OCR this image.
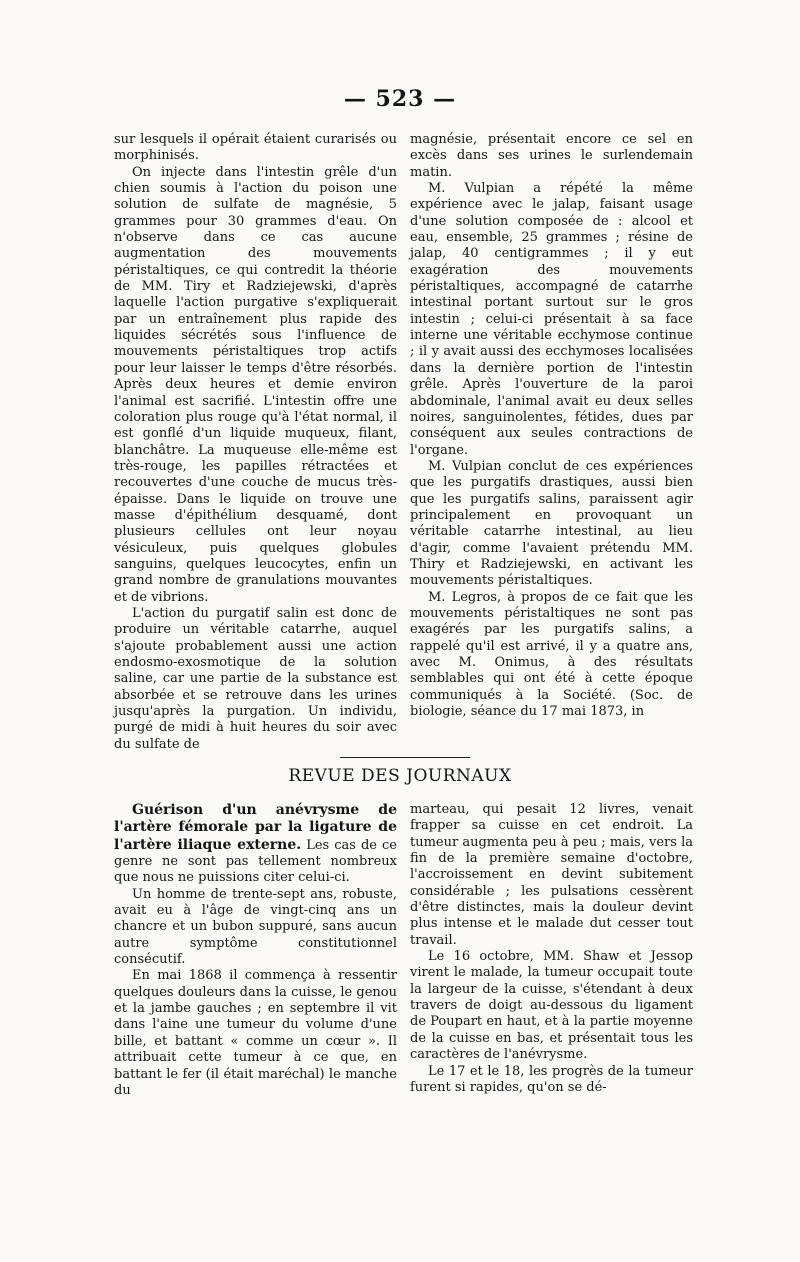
— 523 —

sur lesquels il opérait étaient curarisés ou morphinisés.

On injecte dans l'intestin grêle d'un chien soumis à l'action du poison une solution de sulfate de magnésie, 5 grammes pour 30 grammes d'eau. On n'observe dans ce cas aucune augmentation des mouvements péristaltiques, ce qui contredit la théorie de MM. Tiry et Radziejewski, d'après laquelle l'action purgative s'expliquerait par un entraînement plus rapide des liquides sécrétés sous l'influence de mouvements péristaltiques trop actifs pour leur laisser le temps d'être résorbés. Après deux heures et demie environ l'animal est sacrifié. L'intestin offre une coloration plus rouge qu'à l'état normal, il est gonflé d'un liquide muqueux, filant, blanchâtre. La muqueuse elle-même est très-rouge, les papilles rétractées et recouvertes d'une couche de mucus très-épaisse. Dans le liquide on trouve une masse d'épithélium desquamé, dont plusieurs cellules ont leur noyau vésiculeux, puis quelques globules sanguins, quelques leucocytes, enfin un grand nombre de granulations mouvantes et de vibrions.

L'action du purgatif salin est donc de produire un véritable catarrhe, auquel s'ajoute probablement aussi une action endosmo-exosmotique de la solution saline, car une partie de la substance est absorbée et se retrouve dans les urines jusqu'après la purgation. Un individu, purgé de midi à huit heures du soir avec du sulfate de

magnésie, présentait encore ce sel en excès dans ses urines le surlendemain matin.

M. Vulpian a répété la même expérience avec le jalap, faisant usage d'une solution composée de : alcool et eau, ensemble, 25 grammes ; résine de jalap, 40 centigrammes ; il y eut exagération des mouvements péristaltiques, accompagné de catarrhe intestinal portant surtout sur le gros intestin ; celui-ci présentait à sa face interne une véritable ecchymose continue ; il y avait aussi des ecchymoses localisées dans la dernière portion de l'intestin grêle. Après l'ouverture de la paroi abdominale, l'animal avait eu deux selles noires, sanguinolentes, fétides, dues par conséquent aux seules contractions de l'organe.

M. Vulpian conclut de ces expériences que les purgatifs drastiques, aussi bien que les purgatifs salins, paraissent agir principalement en provoquant un véritable catarrhe intestinal, au lieu d'agir, comme l'avaient prétendu MM. Thiry et Radziejewski, en activant les mouvements péristaltiques.

M. Legros, à propos de ce fait que les mouvements péristaltiques ne sont pas exagérés par les purgatifs salins, a rappelé qu'il est arrivé, il y a quatre ans, avec M. Onimus, à des résultats semblables qui ont été à cette époque communiqués à la Société. (Soc. de biologie, séance du 17 mai 1873, in

REVUE DES JOURNAUX

Guérison d'un anévrysme de l'artère fémorale par la ligature de l'artère iliaque externe. Les cas de ce genre ne sont pas tellement nombreux que nous ne puissions citer celui-ci.

Un homme de trente-sept ans, robuste, avait eu à l'âge de vingt-cinq ans un chancre et un bubon suppuré, sans aucun autre symptôme constitutionnel consécutif.

En mai 1868 il commença à ressentir quelques douleurs dans la cuisse, le genou et la jambe gauches ; en septembre il vit dans l'aine une tumeur du volume d'une bille, et battant « comme un cœur ». Il attribuait cette tumeur à ce que, en battant le fer (il était maréchal) le manche du

marteau, qui pesait 12 livres, venait frapper sa cuisse en cet endroit. La tumeur augmenta peu à peu ; mais, vers la fin de la première semaine d'octobre, l'accroissement en devint subitement considérable ; les pulsations cessèrent d'être distinctes, mais la douleur devint plus intense et le malade dut cesser tout travail.

Le 16 octobre, MM. Shaw et Jessop virent le malade, la tumeur occupait toute la largeur de la cuisse, s'étendant à deux travers de doigt au-dessous du ligament de Poupart en haut, et à la partie moyenne de la cuisse en bas, et présentait tous les caractères de l'anévrysme.

Le 17 et le 18, les progrès de la tumeur furent si rapides, qu'on se dé-
